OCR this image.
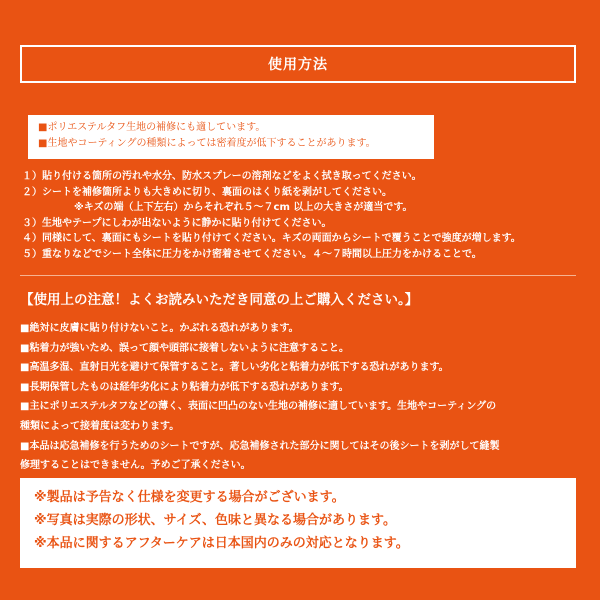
使用方法
■ポリエステルタフ生地の補修にも適しています。
■生地やコーティングの種類によっては密着度が低下することがあります。
１）貼り付ける箇所の汚れや水分、防水スプレーの溶剤などをよく拭き取ってください。
２）シートを補修箇所よりも大きめに切り、裏面のはくり紙を剥がしてください。
※キズの端（上下左右）からそれぞれ５～７cm 以上の大きさが適当です。
３）生地やテープにしわが出ないように静かに貼り付けてください。
４）同様にして、裏面にもシートを貼り付けてください。キズの両面からシートで覆うことで強度が増します。
５）重なりなどでシート全体に圧力をかけ密着させてください。４～７時間以上圧力をかけることで。
【使用上の注意！よくお読みいただき同意の上ご購入ください。】
■絶対に皮膚に貼り付けないこと。かぶれる恐れがあります。
■粘着力が強いため、誤って顔や頭部に接着しないように注意すること。
■高温多湿、直射日光を避けて保管すること。著しい劣化と粘着力が低下する恐れがあります。
■長期保管したものは経年劣化により粘着力が低下する恐れがあります。
■主にポリエステルタフなどの薄く、表面に凹凸のない生地の補修に適しています。生地やコーティングの
種類によって接着度は変わります。
■本品は応急補修を行うためのシートですが、応急補修された部分に関してはその後シートを剥がして縫製
修理することはできません。予めご了承ください。
※製品は予告なく仕様を変更する場合がございます。
※写真は実際の形状、サイズ、色味と異なる場合があります。
※本品に関するアフターケアは日本国内のみの対応となります。
